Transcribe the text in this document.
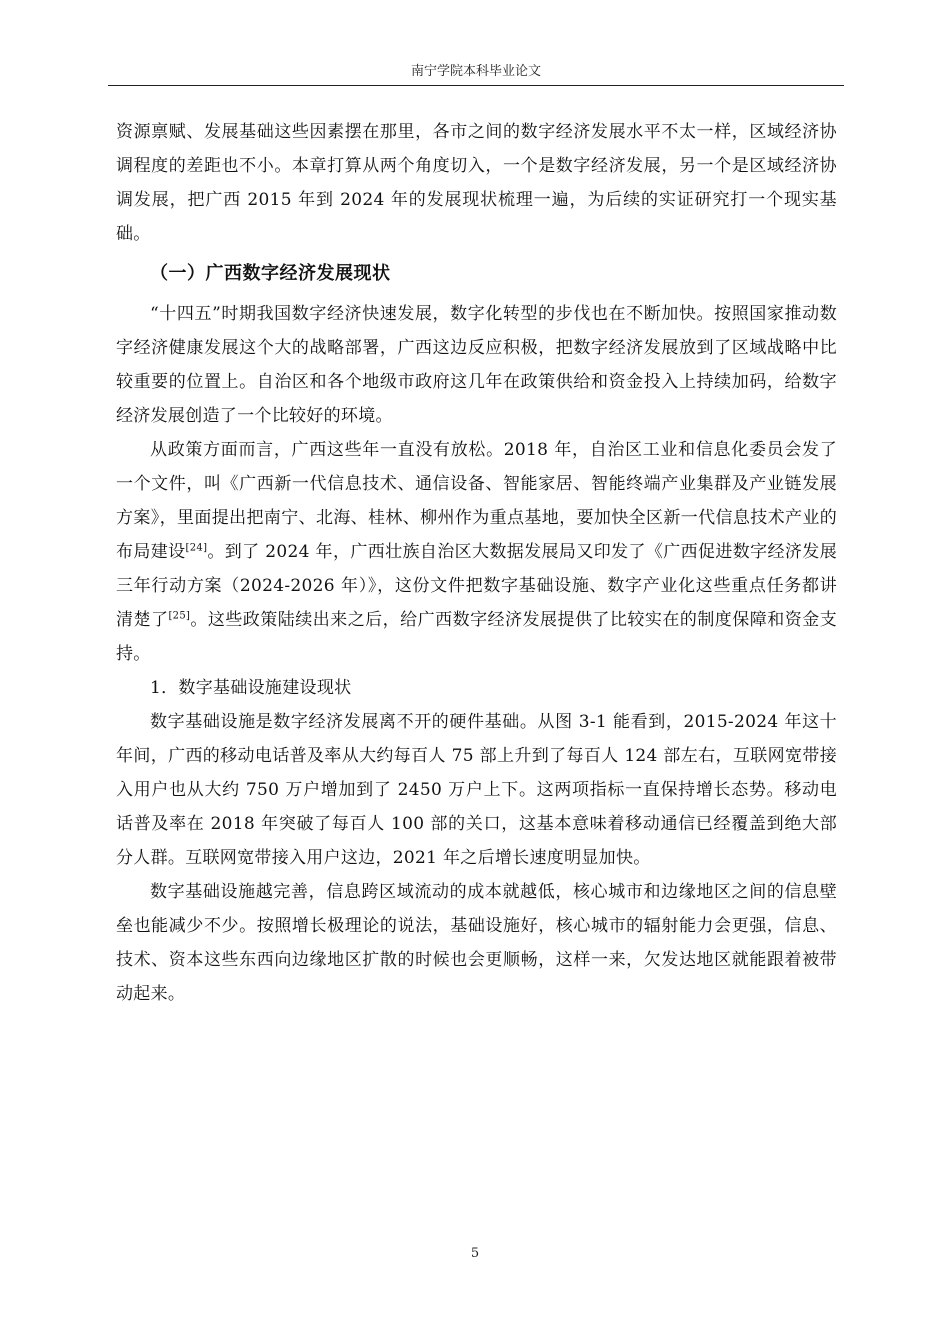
南宁学院本科毕业论文

资源禀赋、发展基础这些因素摆在那里，各市之间的数字经济发展水平不太一样，区域经济协调程度的差距也不小。本章打算从两个角度切入，一个是数字经济发展，另一个是区域经济协调发展，把广西 2015 年到 2024 年的发展现状梳理一遍，为后续的实证研究打一个现实基础。

（一）广西数字经济发展现状

“十四五”时期我国数字经济快速发展，数字化转型的步伐也在不断加快。按照国家推动数字经济健康发展这个大的战略部署，广西这边反应积极，把数字经济发展放到了区域战略中比较重要的位置上。自治区和各个地级市政府这几年在政策供给和资金投入上持续加码，给数字经济发展创造了一个比较好的环境。

从政策方面而言，广西这些年一直没有放松。2018 年，自治区工业和信息化委员会发了一个文件，叫《广西新一代信息技术、通信设备、智能家居、智能终端产业集群及产业链发展方案》，里面提出把南宁、北海、桂林、柳州作为重点基地，要加快全区新一代信息技术产业的布局建设[24]。到了 2024 年，广西壮族自治区大数据发展局又印发了《广西促进数字经济发展三年行动方案（2024-2026 年）》，这份文件把数字基础设施、数字产业化这些重点任务都讲清楚了[25]。这些政策陆续出来之后，给广西数字经济发展提供了比较实在的制度保障和资金支持。

1．数字基础设施建设现状

数字基础设施是数字经济发展离不开的硬件基础。从图 3-1 能看到，2015-2024 年这十年间，广西的移动电话普及率从大约每百人 75 部上升到了每百人 124 部左右，互联网宽带接入用户也从大约 750 万户增加到了 2450 万户上下。这两项指标一直保持增长态势。移动电话普及率在 2018 年突破了每百人 100 部的关口，这基本意味着移动通信已经覆盖到绝大部分人群。互联网宽带接入用户这边，2021 年之后增长速度明显加快。

数字基础设施越完善，信息跨区域流动的成本就越低，核心城市和边缘地区之间的信息壁垒也能减少不少。按照增长极理论的说法，基础设施好，核心城市的辐射能力会更强，信息、技术、资本这些东西向边缘地区扩散的时候也会更顺畅，这样一来，欠发达地区就能跟着被带动起来。

5
